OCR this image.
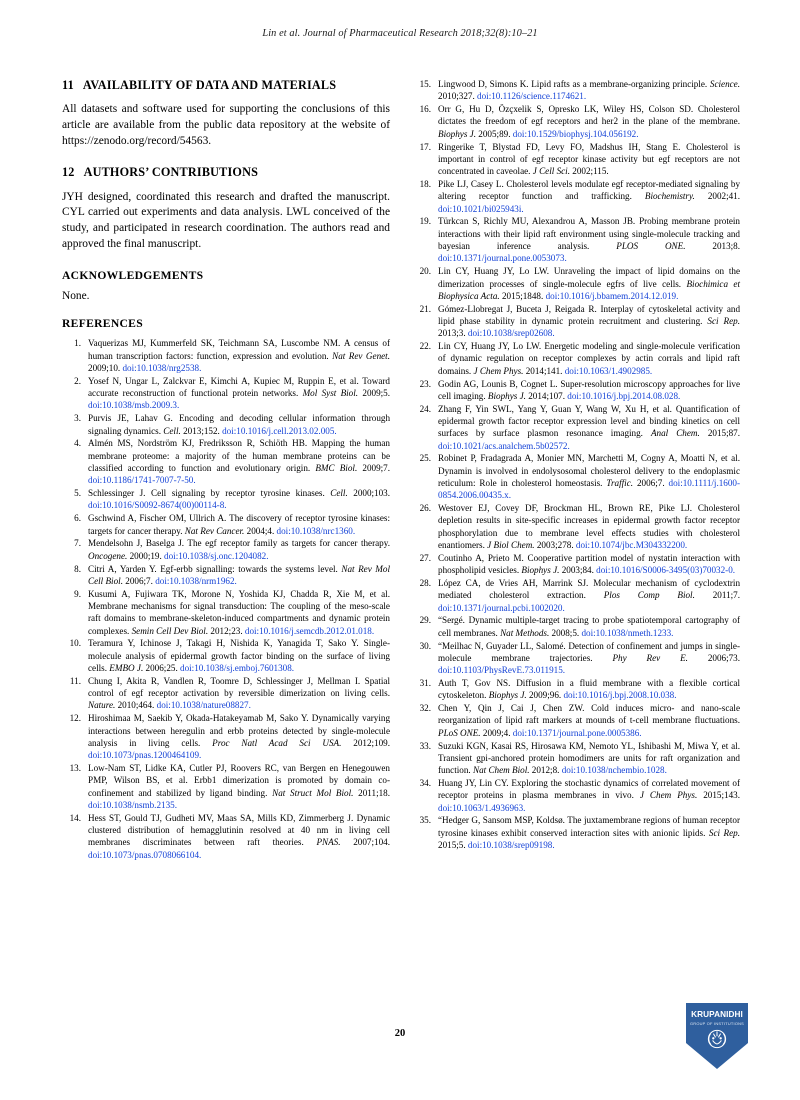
Lin et al. Journal of Pharmaceutical Research 2018;32(8):10–21
11 AVAILABILITY OF DATA AND MATERIALS

All datasets and software used for supporting the conclusions of this article are available from the public data repository at the website of https://zenodo.org/record/54563.

12 AUTHORS’ CONTRIBUTIONS

JYH designed, coordinated this research and drafted the manuscript. CYL carried out experiments and data analysis. LWL conceived of the study, and participated in research coordination. The authors read and approved the final manuscript.

ACKNOWLEDGEMENTS

None.

REFERENCES
1. Vaquerizas MJ, Kummerfeld SK, Teichmann SA, Luscombe NM. A census of human transcription factors: function, expression and evolution. Nat Rev Genet. 2009;10. doi:10.1038/nrg2538.
2. Yosef N, Ungar L, Zalckvar E, Kimchi A, Kupiec M, Ruppin E, et al. Toward accurate reconstruction of functional protein networks. Mol Syst Biol. 2009;5. doi:10.1038/msb.2009.3.
3. Purvis JE, Lahav G. Encoding and decoding cellular information through signaling dynamics. Cell. 2013;152. doi:10.1016/j.cell.2013.02.005.
4. Almén MS, Nordström KJ, Fredriksson R, Schiöth HB. Mapping the human membrane proteome: a majority of the human membrane proteins can be classified according to function and evolutionary origin. BMC Biol. 2009;7. doi:10.1186/1741-7007-7-50.
5. Schlessinger J. Cell signaling by receptor tyrosine kinases. Cell. 2000;103. doi:10.1016/S0092-8674(00)00114-8.
6. Gschwind A, Fischer OM, Ullrich A. The discovery of receptor tyrosine kinases: targets for cancer therapy. Nat Rev Cancer. 2004;4. doi:10.1038/nrc1360.
7. Mendelsohn J, Baselga J. The egf receptor family as targets for cancer therapy. Oncogene. 2000;19. doi:10.1038/sj.onc.1204082.
8. Citri A, Yarden Y. Egf-erbb signalling: towards the systems level. Nat Rev Mol Cell Biol. 2006;7. doi:10.1038/nrm1962.
9. Kusumi A, Fujiwara TK, Morone N, Yoshida KJ, Chadda R, Xie M, et al. Membrane mechanisms for signal transduction: The coupling of the meso-scale raft domains to membrane-skeleton-induced compartments and dynamic protein complexes. Semin Cell Dev Biol. 2012;23. doi:10.1016/j.semcdb.2012.01.018.
10. Teramura Y, Ichinose J, Takagi H, Nishida K, Yanagida T, Sako Y. Single-molecule analysis of epidermal growth factor binding on the surface of living cells. EMBO J. 2006;25. doi:10.1038/sj.emboj.7601308.
11. Chung I, Akita R, Vandlen R, Toomre D, Schlessinger J, Mellman I. Spatial control of egf receptor activation by reversible dimerization on living cells. Nature. 2010;464. doi:10.1038/nature08827.
12. Hiroshimaa M, Saekib Y, Okada-Hatakeyamab M, Sako Y. Dynamically varying interactions between heregulin and erbb proteins detected by single-molecule analysis in living cells. Proc Natl Acad Sci USA. 2012;109. doi:10.1073/pnas.1200464109.
13. Low-Nam ST, Lidke KA, Cutler PJ, Roovers RC, van Bergen en Henegouwen PMP, Wilson BS, et al. Erbb1 dimerization is promoted by domain co-confinement and stabilized by ligand binding. Nat Struct Mol Biol. 2011;18. doi:10.1038/nsmb.2135.
14. Hess ST, Gould TJ, Gudheti MV, Maas SA, Mills KD, Zimmerberg J. Dynamic clustered distribution of hemagglutinin resolved at 40 nm in living cell membranes discriminates between raft theories. PNAS. 2007;104. doi:10.1073/pnas.0708066104.
15. Lingwood D, Simons K. Lipid rafts as a membrane-organizing principle. Science. 2010;327. doi:10.1126/science.1174621.
16. Orr G, Hu D, Özçxelik S, Opresko LK, Wiley HS, Colson SD. Cholesterol dictates the freedom of egf receptors and her2 in the plane of the membrane. Biophys J. 2005;89. doi:10.1529/biophysj.104.056192.
17. Ringerike T, Blystad FD, Levy FO, Madshus IH, Stang E. Cholesterol is important in control of egf receptor kinase activity but egf receptors are not concentrated in caveolae. J Cell Sci. 2002;115.
18. Pike LJ, Casey L. Cholesterol levels modulate egf receptor-mediated signaling by altering receptor function and trafficking. Biochemistry. 2002;41. doi:10.1021/bi025943i.
19. Türkcan S, Richly MU, Alexandrou A, Masson JB. Probing membrane protein interactions with their lipid raft environment using single-molecule tracking and bayesian inference analysis.	PLOS ONE.	2013;8. doi:10.1371/journal.pone.0053073.
20. Lin CY, Huang JY, Lo LW. Unraveling the impact of lipid domains on the dimerization processes of single-molecule egfrs of live cells. Biochimica et Biophysica Acta. 2015;1848. doi:10.1016/j.bbamem.2014.12.019.
21. Gómez-Llobregat J, Buceta J, Reigada R. Interplay of cytoskeletal activity and lipid phase stability in dynamic protein recruitment and clustering. Sci Rep. 2013;3. doi:10.1038/srep02608.
22. Lin CY, Huang JY, Lo LW. Energetic modeling and single-molecule verification of dynamic regulation on receptor complexes by actin corrals and lipid raft domains. J Chem Phys. 2014;141. doi:10.1063/1.4902985.
23. Godin AG, Lounis B, Cognet L. Super-resolution microscopy approaches for live cell imaging. Biophys J. 2014;107. doi:10.1016/j.bpj.2014.08.028.
24. Zhang F, Yin SWL, Yang Y, Guan Y, Wang W, Xu H, et al. Quantification of epidermal growth factor receptor expression level and binding kinetics on cell surfaces by surface plasmon resonance imaging. Anal Chem. 2015;87. doi:10.1021/acs.analchem.5b02572.
25. Robinet P, Fradagrada A, Monier MN, Marchetti M, Cogny A, Moatti N, et al. Dynamin is involved in endolysosomal cholesterol delivery to the endoplasmic reticulum: Role in cholesterol homeostasis. Traffic. 2006;7. doi:10.1111/j.1600-0854.2006.00435.x.
26. Westover EJ, Covey DF, Brockman HL, Brown RE, Pike LJ. Cholesterol depletion results in site-specific increases in epidermal growth factor receptor phosphorylation due to membrane level effects studies with cholesterol enantiomers. J Biol Chem. 2003;278. doi:10.1074/jbc.M304332200.
27. Coutinho A, Prieto M. Cooperative partition model of nystatin interaction with phospholipid vesicles. Biophys J. 2003;84. doi:10.1016/S0006-3495(03)70032-0.
28. López CA, de Vries AH, Marrink SJ. Molecular mechanism of cyclodextrin mediated cholesterol extraction. Plos Comp Biol. 2011;7. doi:10.1371/journal.pcbi.1002020.
29. “Sergé. Dynamic multiple-target tracing to probe spatiotemporal cartography of cell membranes. Nat Methods. 2008;5. doi:10.1038/nmeth.1233.
30. “Meilhac N, Guyader LL, Salomé. Detection of confinement and jumps in single-molecule membrane trajectories. Phy Rev E. 2006;73. doi:10.1103/PhysRevE.73.011915.
31. Auth T, Gov NS. Diffusion in a fluid membrane with a flexible cortical cytoskeleton. Biophys J. 2009;96. doi:10.1016/j.bpj.2008.10.038.
32. Chen Y, Qin J, Cai J, Chen ZW. Cold induces micro- and nano-scale reorganization of lipid raft markers at mounds of t-cell membrane fluctuations. PLoS ONE. 2009;4. doi:10.1371/journal.pone.0005386.
33. Suzuki KGN, Kasai RS, Hirosawa KM, Nemoto YL, Ishibashi M, Miwa Y, et al. Transient gpi-anchored protein homodimers are units for raft organization and function. Nat Chem Biol. 2012;8. doi:10.1038/nchembio.1028.
34. Huang JY, Lin CY. Exploring the stochastic dynamics of correlated movement of receptor proteins in plasma membranes in vivo. J Chem Phys. 2015;143. doi:10.1063/1.4936963.
35. “Hedger G, Sansom MSP, Koldsø. The juxtamembrane regions of human receptor tyrosine kinases exhibit conserved interaction sites with anionic lipids. Sci Rep. 2015;5. doi:10.1038/srep09198.
20
KRUPANIDHI
GROUP OF INSTITUTIONS
